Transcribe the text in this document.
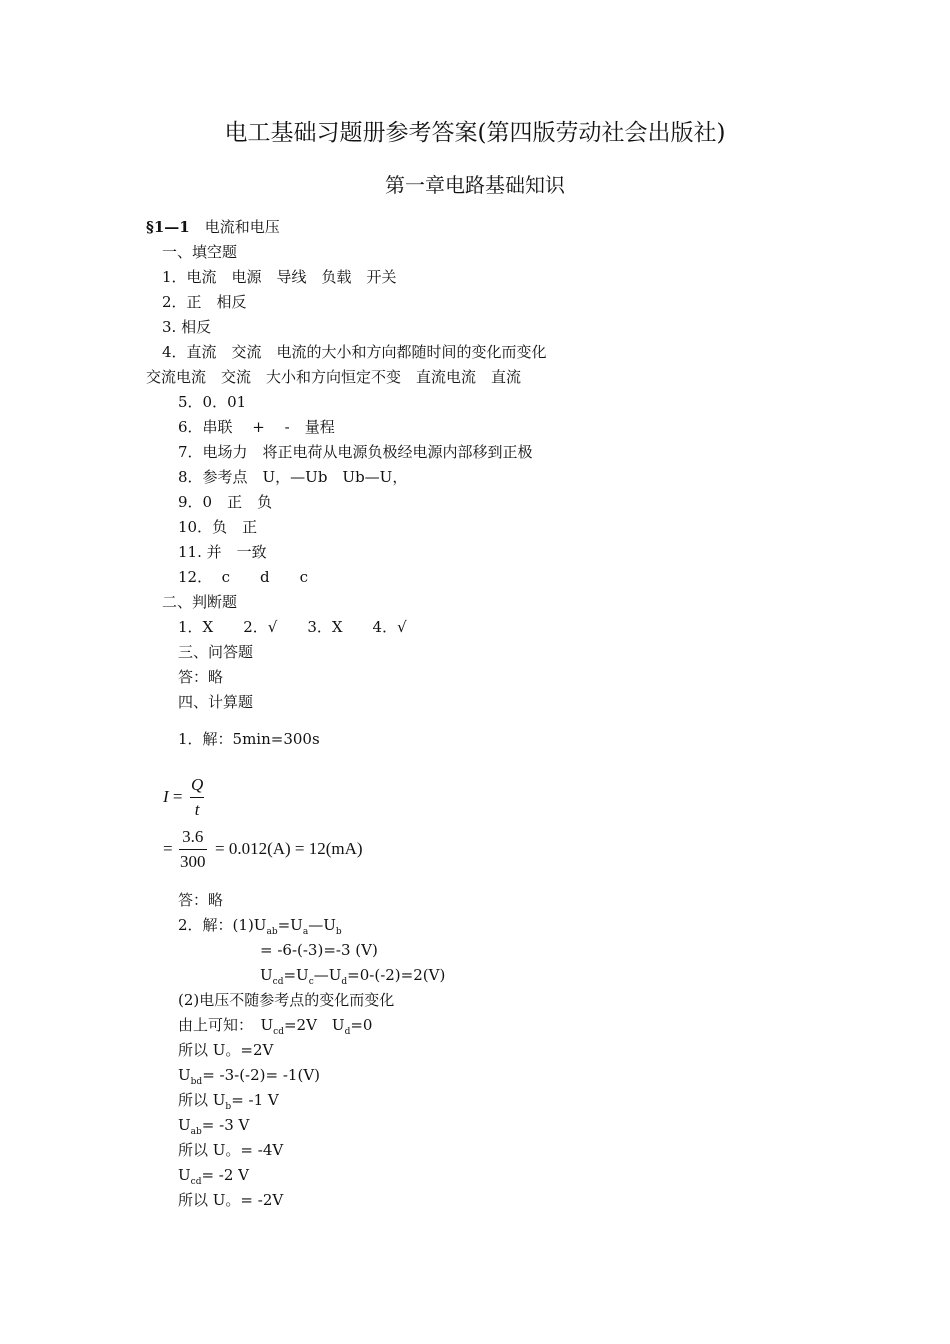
电工基础习题册参考答案(第四版劳动社会出版社)
第一章电路基础知识
§1—1　 电流和电压
一、填空题
1．电流　电源　导线　负载　开关
2．正　相反
3. 相反
4．直流　交流　电流的大小和方向都随时间的变化而变化
交流电流　交流　大小和方向恒定不变　直流电流　直流
5．0．01
6．串联　 +　 -　量程
7．电场力　将正电荷从电源负极经电源内部移到正极
8．参考点　U，—Ub　Ub—U，
9．0　正　负
10．负　正
11. 并　一致
12．  c　　d　　c
二、判断题
1．X　　2．√　　3．X　　4．√
三、问答题
答：略
四、计算题
1．解：5min=300s
I =
Q
t
=
3.6
300
= 0.012(A) = 12(mA)
答：略
2．解：$(1)U_{ab}=U_a—U_b$
= -6-(-3)=-3 (V)
$U_{cd}=U_c—U_d=0-(-2)=2(V)$
(2)电压不随参考点的变化而变化
由上可知：　$U_{cd}=2V$　$U_d=0$
所以 U。=2V
$U_{bd}= -3-(-2)= -1(V)$
所以 $U_b= -1$ V
$U_{ab}= -3$ V
所以 U。= -4V
$U_{cd}= -2$ V
所以 U。= -2V
